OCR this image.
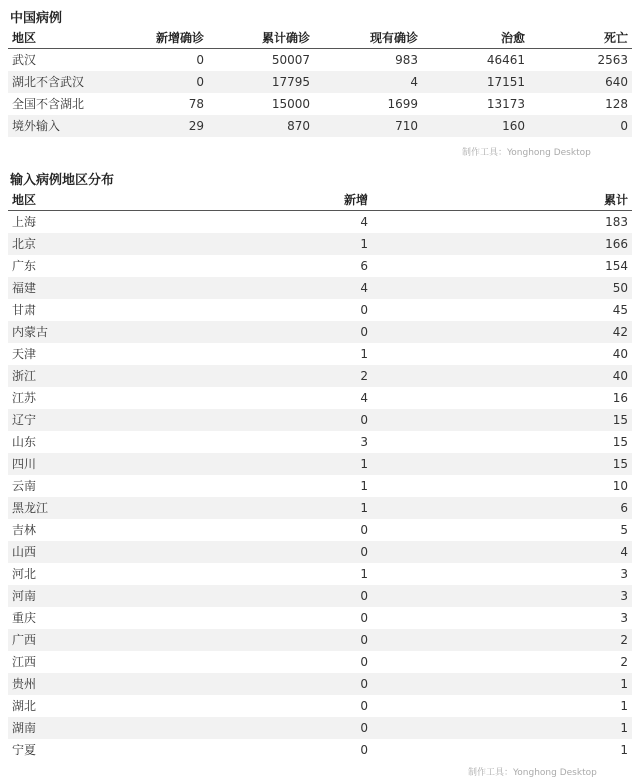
中国病例
地区	新增确诊	累计确诊	现有确诊	治愈	死亡
武汉	0	50007	983	46461	2563
湖北不含武汉	0	17795	4	17151	640
全国不含湖北	78	15000	1699	13173	128
境外输入	29	870	710	160	0
制作工具：Yonghong Desktop
输入病例地区分布
地区	新增	累计
上海	4	183
北京	1	166
广东	6	154
福建	4	50
甘肃	0	45
内蒙古	0	42
天津	1	40
浙江	2	40
江苏	4	16
辽宁	0	15
山东	3	15
四川	1	15
云南	1	10
黑龙江	1	6
吉林	0	5
山西	0	4
河北	1	3
河南	0	3
重庆	0	3
广西	0	2
江西	0	2
贵州	0	1
湖北	0	1
湖南	0	1
宁夏	0	1
制作工具：Yonghong Desktop
